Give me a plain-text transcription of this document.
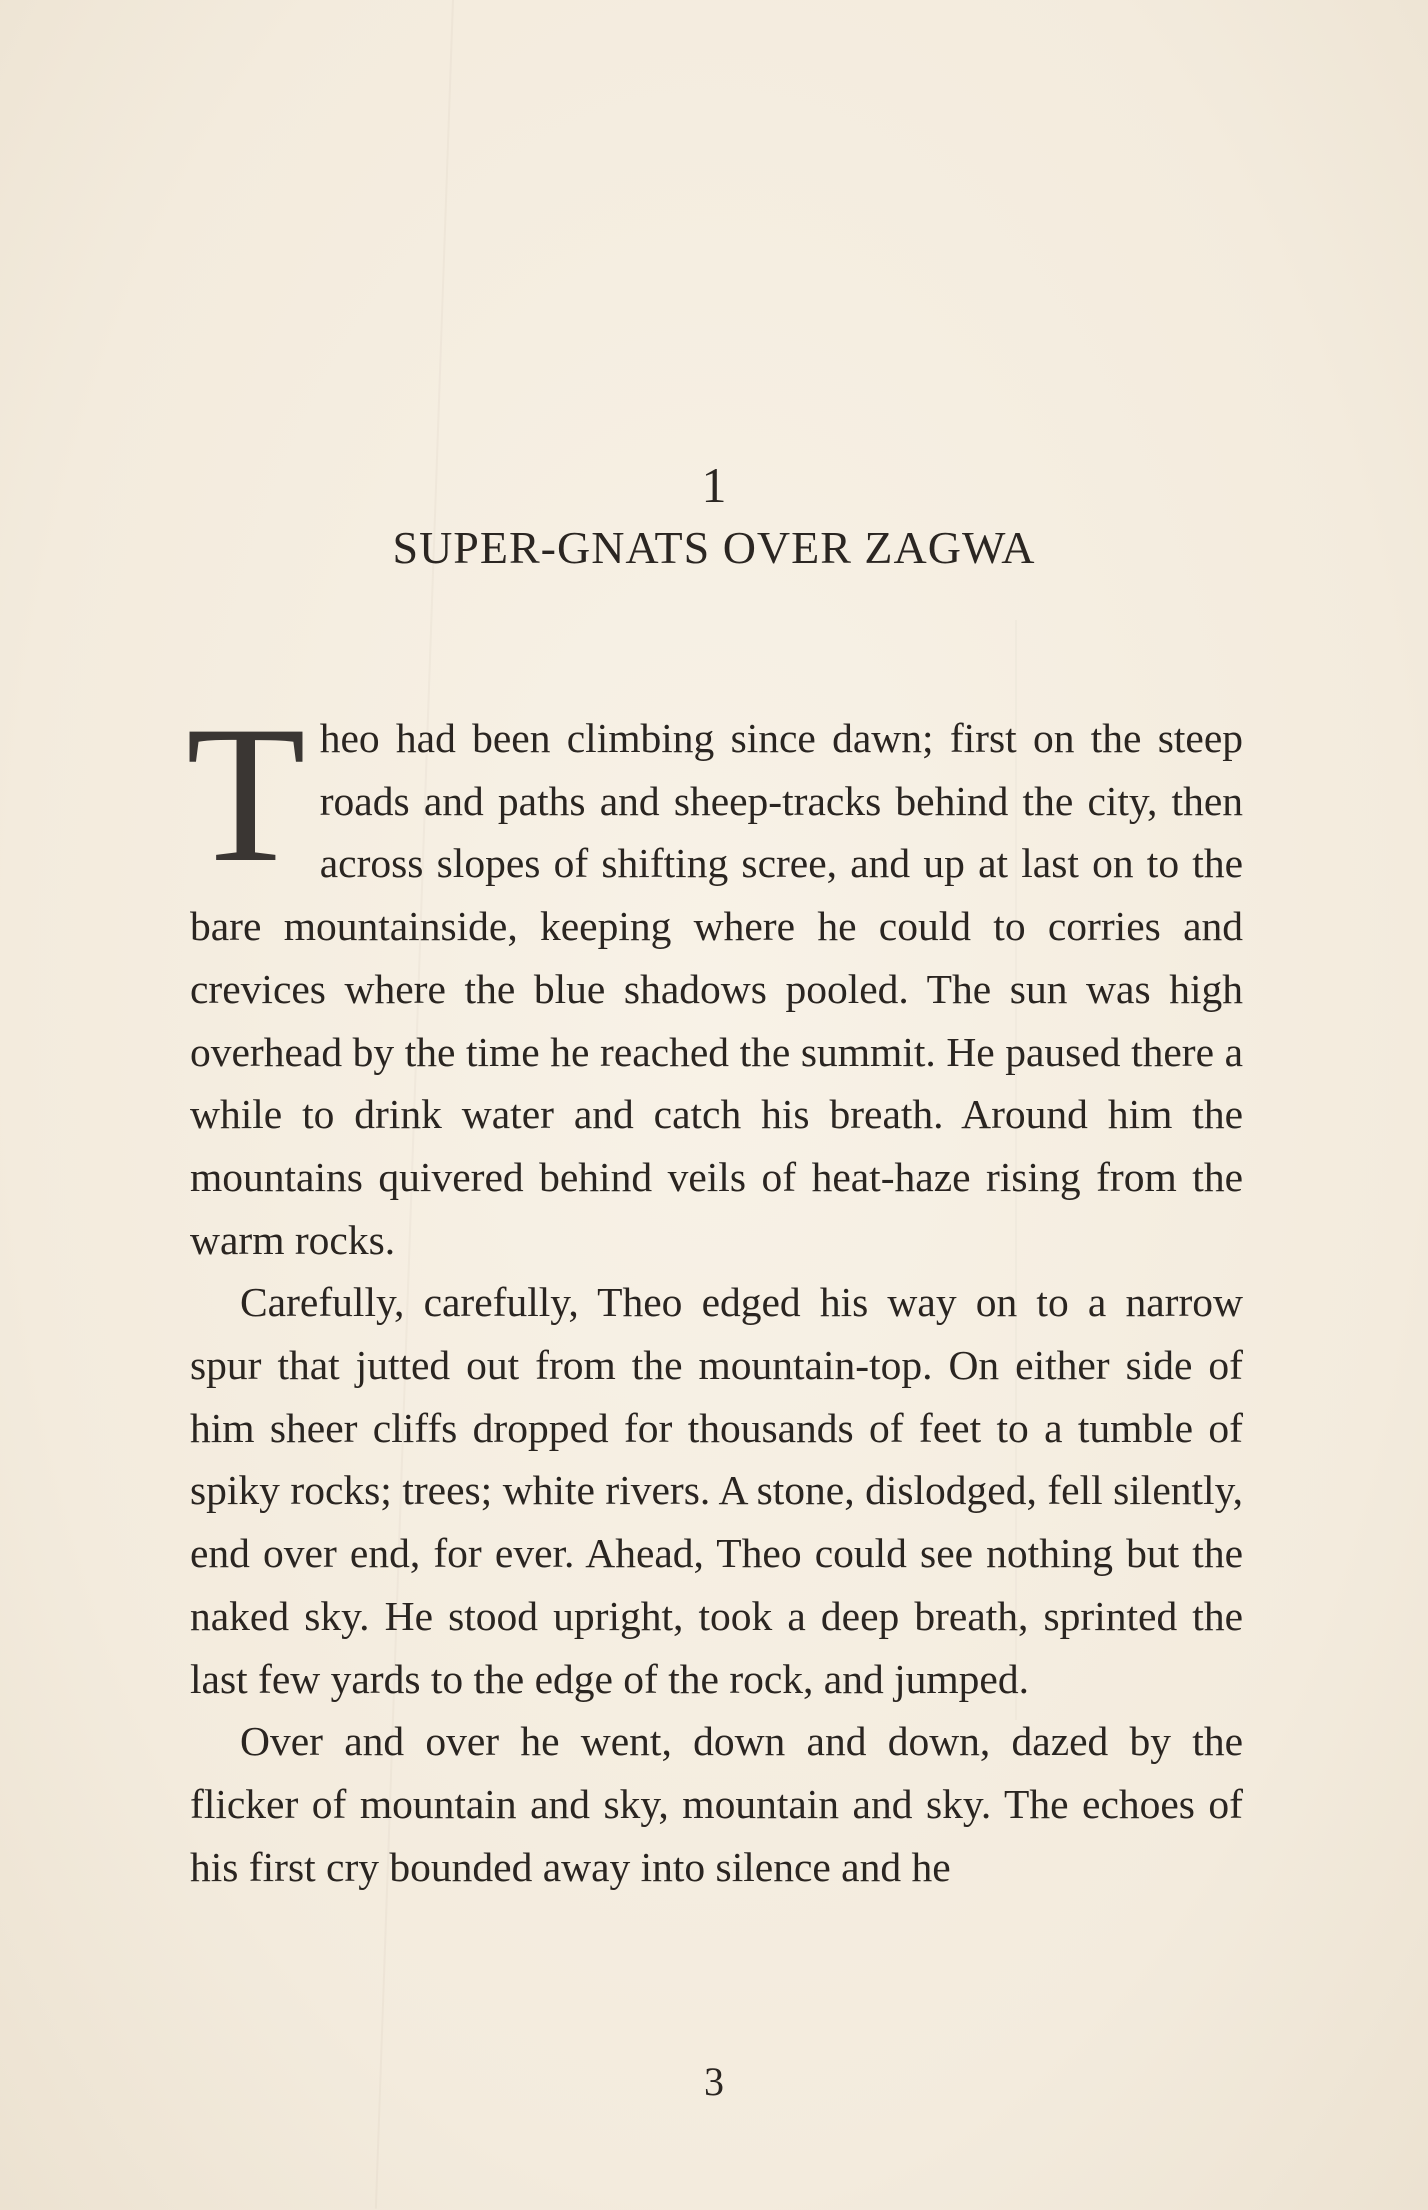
1
SUPER-GNATS OVER ZAGWA

Theo had been climbing since dawn; first on the steep roads and paths and sheep-tracks behind the city, then across slopes of shifting scree, and up at last on to the bare mountainside, keeping where he could to corries and crevices where the blue shadows pooled. The sun was high overhead by the time he reached the summit. He paused there a while to drink water and catch his breath. Around him the mountains quivered behind veils of heat-haze rising from the warm rocks.

Carefully, carefully, Theo edged his way on to a narrow spur that jutted out from the mountain-top. On either side of him sheer cliffs dropped for thousands of feet to a tumble of spiky rocks; trees; white rivers. A stone, dislodged, fell silently, end over end, for ever. Ahead, Theo could see nothing but the naked sky. He stood upright, took a deep breath, sprinted the last few yards to the edge of the rock, and jumped.

Over and over he went, down and down, dazed by the flicker of mountain and sky, mountain and sky. The echoes of his first cry bounded away into silence and he

3
